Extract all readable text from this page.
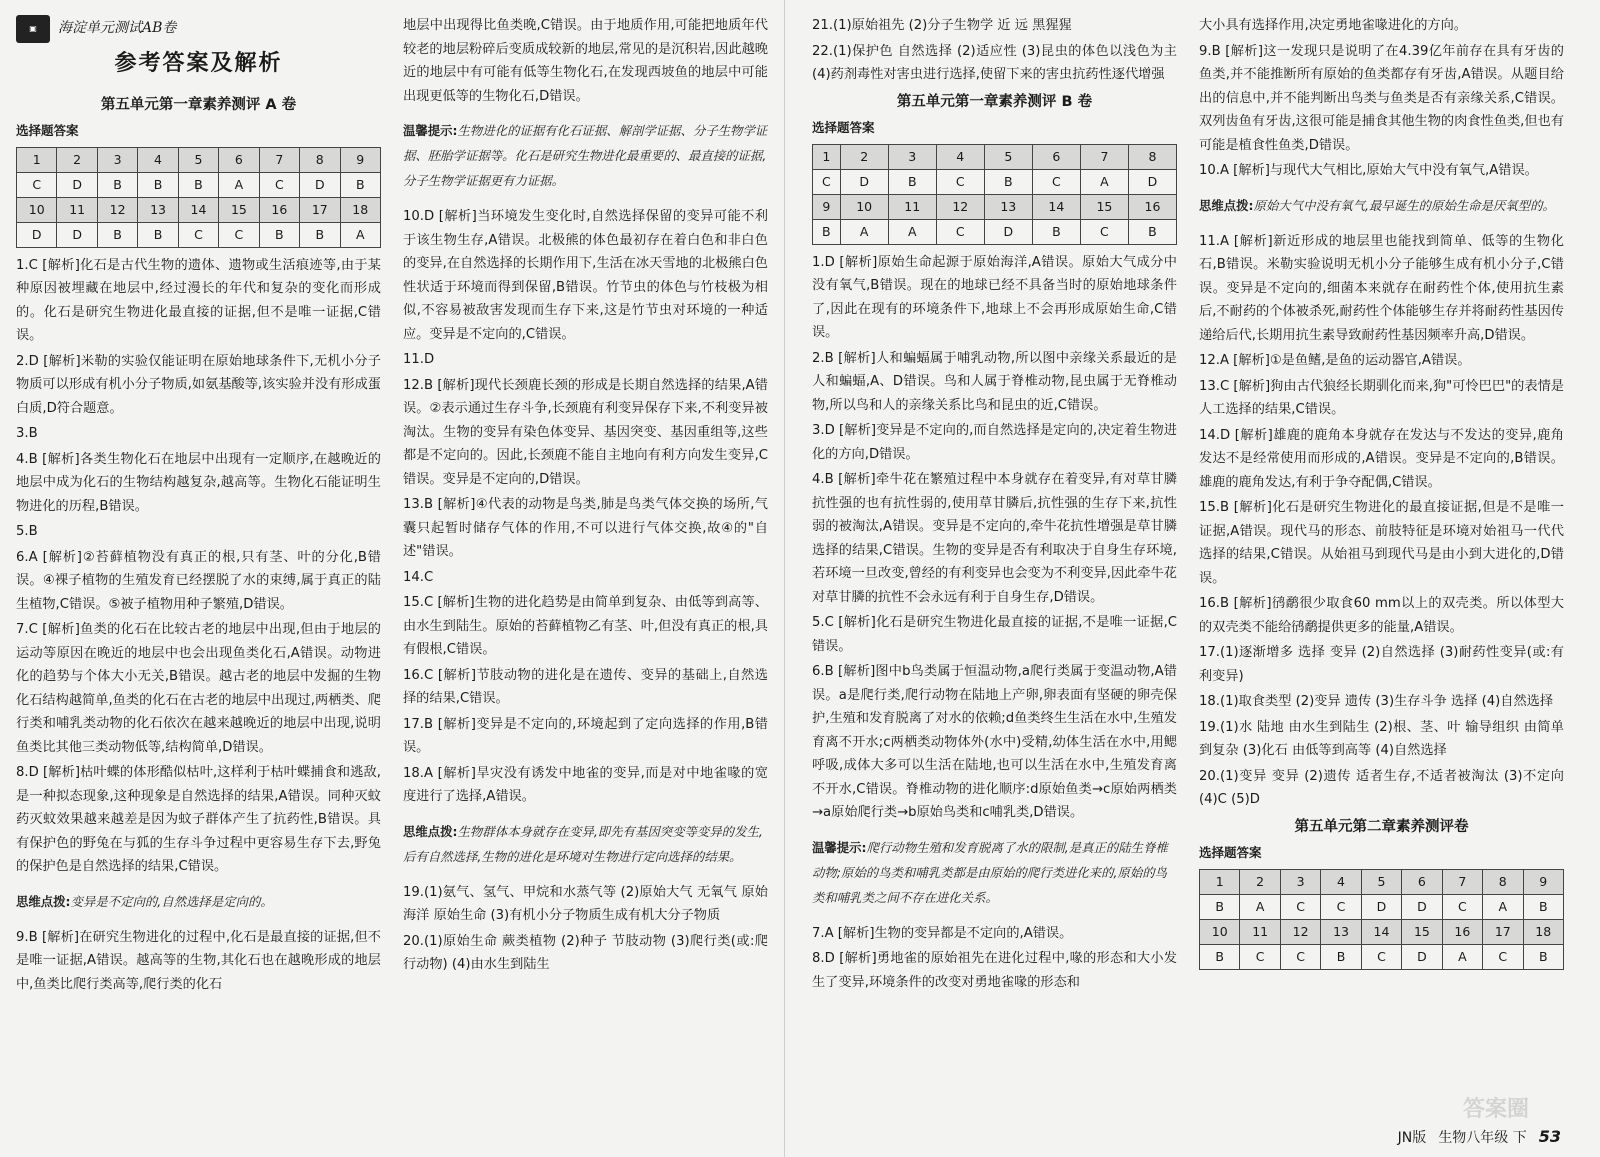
▣	海淀单元测试AB卷
参考答案及解析
第五单元第一章素养测评 A 卷
选择题答案
1	2	3	4	5	6	7	8	9
C	D	B	B	B	A	C	D	B
10	11	12	13	14	15	16	17	18
D	D	B	B	C	C	B	B	A
1.C [解析]化石是古代生物的遗体、遗物或生活痕迹等,由于某种原因被埋藏在地层中,经过漫长的年代和复杂的变化而形成的。化石是研究生物进化最直接的证据,但不是唯一证据,C错误。
2.D [解析]米勒的实验仅能证明在原始地球条件下,无机小分子物质可以形成有机小分子物质,如氨基酸等,该实验并没有形成蛋白质,D符合题意。
3.B
4.B [解析]各类生物化石在地层中出现有一定顺序,在越晚近的地层中成为化石的生物结构越复杂,越高等。生物化石能证明生物进化的历程,B错误。
5.B
6.A [解析]②苔藓植物没有真正的根,只有茎、叶的分化,B错误。④裸子植物的生殖发育已经摆脱了水的束缚,属于真正的陆生植物,C错误。⑤被子植物用种子繁殖,D错误。
7.C [解析]鱼类的化石在比较古老的地层中出现,但由于地层的运动等原因在晚近的地层中也会出现鱼类化石,A错误。动物进化的趋势与个体大小无关,B错误。越古老的地层中发掘的生物化石结构越简单,鱼类的化石在古老的地层中出现过,两栖类、爬行类和哺乳类动物的化石依次在越来越晚近的地层中出现,说明鱼类比其他三类动物低等,结构简单,D错误。
8.D [解析]枯叶蝶的体形酷似枯叶,这样利于枯叶蝶捕食和逃敌,是一种拟态现象,这种现象是自然选择的结果,A错误。同种灭蚊药灭蚊效果越来越差是因为蚊子群体产生了抗药性,B错误。具有保护色的野兔在与狐的生存斗争过程中更容易生存下去,野兔的保护色是自然选择的结果,C错误。
思维点拨:变异是不定向的,自然选择是定向的。
9.B [解析]在研究生物进化的过程中,化石是最直接的证据,但不是唯一证据,A错误。越高等的生物,其化石也在越晚形成的地层中,鱼类比爬行类高等,爬行类的化石
地层中出现得比鱼类晚,C错误。由于地质作用,可能把地质年代较老的地层粉碎后变质成较新的地层,常见的是沉积岩,因此越晚近的地层中有可能有低等生物化石,在发现西坡鱼的地层中可能出现更低等的生物化石,D错误。
温馨提示:生物进化的证据有化石证据、解剖学证据、分子生物学证据、胚胎学证据等。化石是研究生物进化最重要的、最直接的证据,分子生物学证据更有力证据。
10.D [解析]当环境发生变化时,自然选择保留的变异可能不利于该生物生存,A错误。北极熊的体色最初存在着白色和非白色的变异,在自然选择的长期作用下,生活在冰天雪地的北极熊白色性状适于环境而得到保留,B错误。竹节虫的体色与竹枝极为相似,不容易被敌害发现而生存下来,这是竹节虫对环境的一种适应。变异是不定向的,C错误。
11.D
12.B [解析]现代长颈鹿长颈的形成是长期自然选择的结果,A错误。②表示通过生存斗争,长颈鹿有利变异保存下来,不利变异被淘汰。生物的变异有染色体变异、基因突变、基因重组等,这些都是不定向的。因此,长颈鹿不能自主地向有利方向发生变异,C错误。变异是不定向的,D错误。
13.B [解析]④代表的动物是鸟类,肺是鸟类气体交换的场所,气囊只起暂时储存气体的作用,不可以进行气体交换,故④的"自述"错误。
14.C
15.C [解析]生物的进化趋势是由简单到复杂、由低等到高等、由水生到陆生。原始的苔藓植物乙有茎、叶,但没有真正的根,具有假根,C错误。
16.C [解析]节肢动物的进化是在遗传、变异的基础上,自然选择的结果,C错误。
17.B [解析]变异是不定向的,环境起到了定向选择的作用,B错误。
18.A [解析]旱灾没有诱发中地雀的变异,而是对中地雀喙的宽度进行了选择,A错误。
思维点拨:生物群体本身就存在变异,即先有基因突变等变异的发生,后有自然选择,生物的进化是环境对生物进行定向选择的结果。
19.(1)氨气、氢气、甲烷和水蒸气等 (2)原始大气 无氧气 原始海洋 原始生命 (3)有机小分子物质生成有机大分子物质
20.(1)原始生命 蕨类植物 (2)种子 节肢动物 (3)爬行类(或:爬行动物) (4)由水生到陆生
21.(1)原始祖先 (2)分子生物学 近 远 黑猩猩
22.(1)保护色 自然选择 (2)适应性 (3)昆虫的体色以浅色为主 (4)药剂毒性对害虫进行选择,使留下来的害虫抗药性逐代增强
第五单元第一章素养测评 B 卷
选择题答案
1	2	3	4	5	6	7	8
C	D	B	C	B	C	A	D
9	10	11	12	13	14	15	16
B	A	A	C	D	B	C	B
1.D [解析]原始生命起源于原始海洋,A错误。原始大气成分中没有氧气,B错误。现在的地球已经不具备当时的原始地球条件了,因此在现有的环境条件下,地球上不会再形成原始生命,C错误。
2.B [解析]人和蝙蝠属于哺乳动物,所以图中亲缘关系最近的是人和蝙蝠,A、D错误。鸟和人属于脊椎动物,昆虫属于无脊椎动物,所以鸟和人的亲缘关系比鸟和昆虫的近,C错误。
3.D [解析]变异是不定向的,而自然选择是定向的,决定着生物进化的方向,D错误。
4.B [解析]牵牛花在繁殖过程中本身就存在着变异,有对草甘膦抗性强的也有抗性弱的,使用草甘膦后,抗性强的生存下来,抗性弱的被淘汰,A错误。变异是不定向的,牵牛花抗性增强是草甘膦选择的结果,C错误。生物的变异是否有利取决于自身生存环境,若环境一旦改变,曾经的有利变异也会变为不利变异,因此牵牛花对草甘膦的抗性不会永远有利于自身生存,D错误。
5.C [解析]化石是研究生物进化最直接的证据,不是唯一证据,C错误。
6.B [解析]图中b鸟类属于恒温动物,a爬行类属于变温动物,A错误。a是爬行类,爬行动物在陆地上产卵,卵表面有坚硬的卵壳保护,生殖和发育脱离了对水的依赖;d鱼类终生生活在水中,生殖发育离不开水;c两栖类动物体外(水中)受精,幼体生活在水中,用鳃呼吸,成体大多可以生活在陆地,也可以生活在水中,生殖发育离不开水,C错误。脊椎动物的进化顺序:d原始鱼类→c原始两栖类→a原始爬行类→b原始鸟类和c哺乳类,D错误。
温馨提示:爬行动物生殖和发育脱离了水的限制,是真正的陆生脊椎动物;原始的鸟类和哺乳类都是由原始的爬行类进化来的,原始的鸟类和哺乳类之间不存在进化关系。
7.A [解析]生物的变异都是不定向的,A错误。
8.D [解析]勇地雀的原始祖先在进化过程中,喙的形态和大小发生了变异,环境条件的改变对勇地雀喙的形态和
大小具有选择作用,决定勇地雀喙进化的方向。
9.B [解析]这一发现只是说明了在4.39亿年前存在具有牙齿的鱼类,并不能推断所有原始的鱼类都存有牙齿,A错误。从题目给出的信息中,并不能判断出鸟类与鱼类是否有亲缘关系,C错误。双列齿鱼有牙齿,这很可能是捕食其他生物的肉食性鱼类,但也有可能是植食性鱼类,D错误。
10.A [解析]与现代大气相比,原始大气中没有氧气,A错误。
思维点拨:原始大气中没有氧气,最早诞生的原始生命是厌氧型的。
11.A [解析]新近形成的地层里也能找到简单、低等的生物化石,B错误。米勒实验说明无机小分子能够生成有机小分子,C错误。变异是不定向的,细菌本来就存在耐药性个体,使用抗生素后,不耐药的个体被杀死,耐药性个体能够生存并将耐药性基因传递给后代,长期用抗生素导致耐药性基因频率升高,D错误。
12.A [解析]①是鱼鳍,是鱼的运动器官,A错误。
13.C [解析]狗由古代狼经长期驯化而来,狗"可怜巴巴"的表情是人工选择的结果,C错误。
14.D [解析]雄鹿的鹿角本身就存在发达与不发达的变异,鹿角发达不是经常使用而形成的,A错误。变异是不定向的,B错误。雄鹿的鹿角发达,有利于争夺配偶,C错误。
15.B [解析]化石是研究生物进化的最直接证据,但是不是唯一证据,A错误。现代马的形态、前肢特征是环境对始祖马一代代选择的结果,C错误。从始祖马到现代马是由小到大进化的,D错误。
16.B [解析]鸻鹬很少取食60 mm以上的双壳类。所以体型大的双壳类不能给鸻鹬提供更多的能量,A错误。
17.(1)逐渐增多 选择 变异 (2)自然选择 (3)耐药性变异(或:有利变异)
18.(1)取食类型 (2)变异 遗传 (3)生存斗争 选择 (4)自然选择
19.(1)水 陆地 由水生到陆生 (2)根、茎、叶 输导组织 由简单到复杂 (3)化石 由低等到高等 (4)自然选择
20.(1)变异 变异 (2)遗传 适者生存,不适者被淘汰 (3)不定向 (4)C (5)D
第五单元第二章素养测评卷
选择题答案
1	2	3	4	5	6	7	8	9
B	A	C	C	D	D	C	A	B
10	11	12	13	14	15	16	17	18
B	C	C	B	C	D	A	C	B
答案圈
JN版 生物八年级 下 53
